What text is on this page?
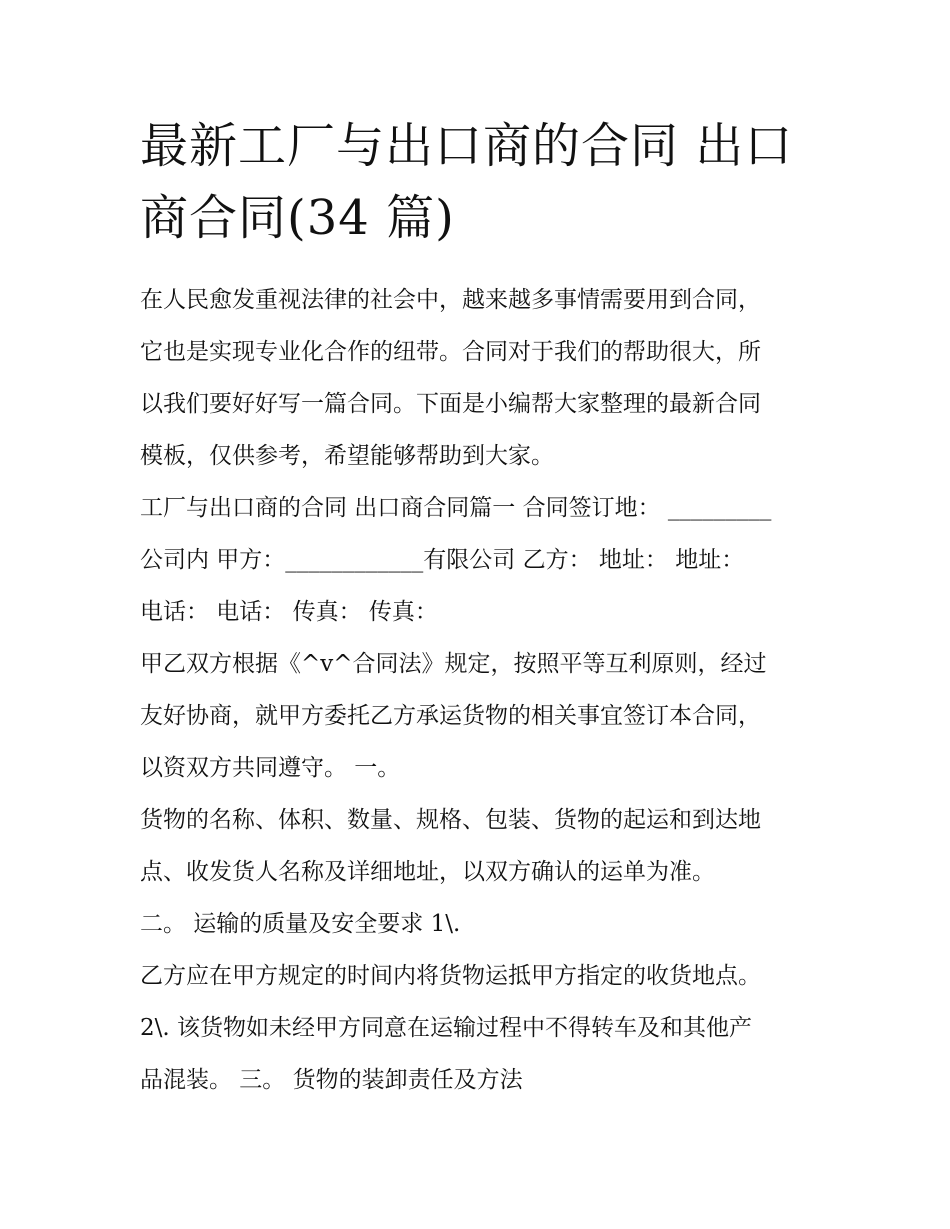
最新工厂与出口商的合同 出口
商合同(34 篇)
在人民愈发重视法律的社会中，越来越多事情需要用到合同，
它也是实现专业化合作的纽带。合同对于我们的帮助很大，所
以我们要好好写一篇合同。下面是小编帮大家整理的最新合同
模板，仅供参考，希望能够帮助到大家。
工厂与出口商的合同 出口商合同篇一 合同签订地： _________
公司内 甲方：____________有限公司 乙方： 地址： 地址：
电话： 电话： 传真： 传真：
甲乙双方根据《^v^合同法》规定，按照平等互利原则，经过
友好协商，就甲方委托乙方承运货物的相关事宜签订本合同，
以资双方共同遵守。 一。
货物的名称、体积、数量、规格、包装、货物的起运和到达地
点、收发货人名称及详细地址，以双方确认的运单为准。
二。 运输的质量及安全要求 1\.
乙方应在甲方规定的时间内将货物运抵甲方指定的收货地点。
2\. 该货物如未经甲方同意在运输过程中不得转车及和其他产
品混装。 三。 货物的装卸责任及方法
